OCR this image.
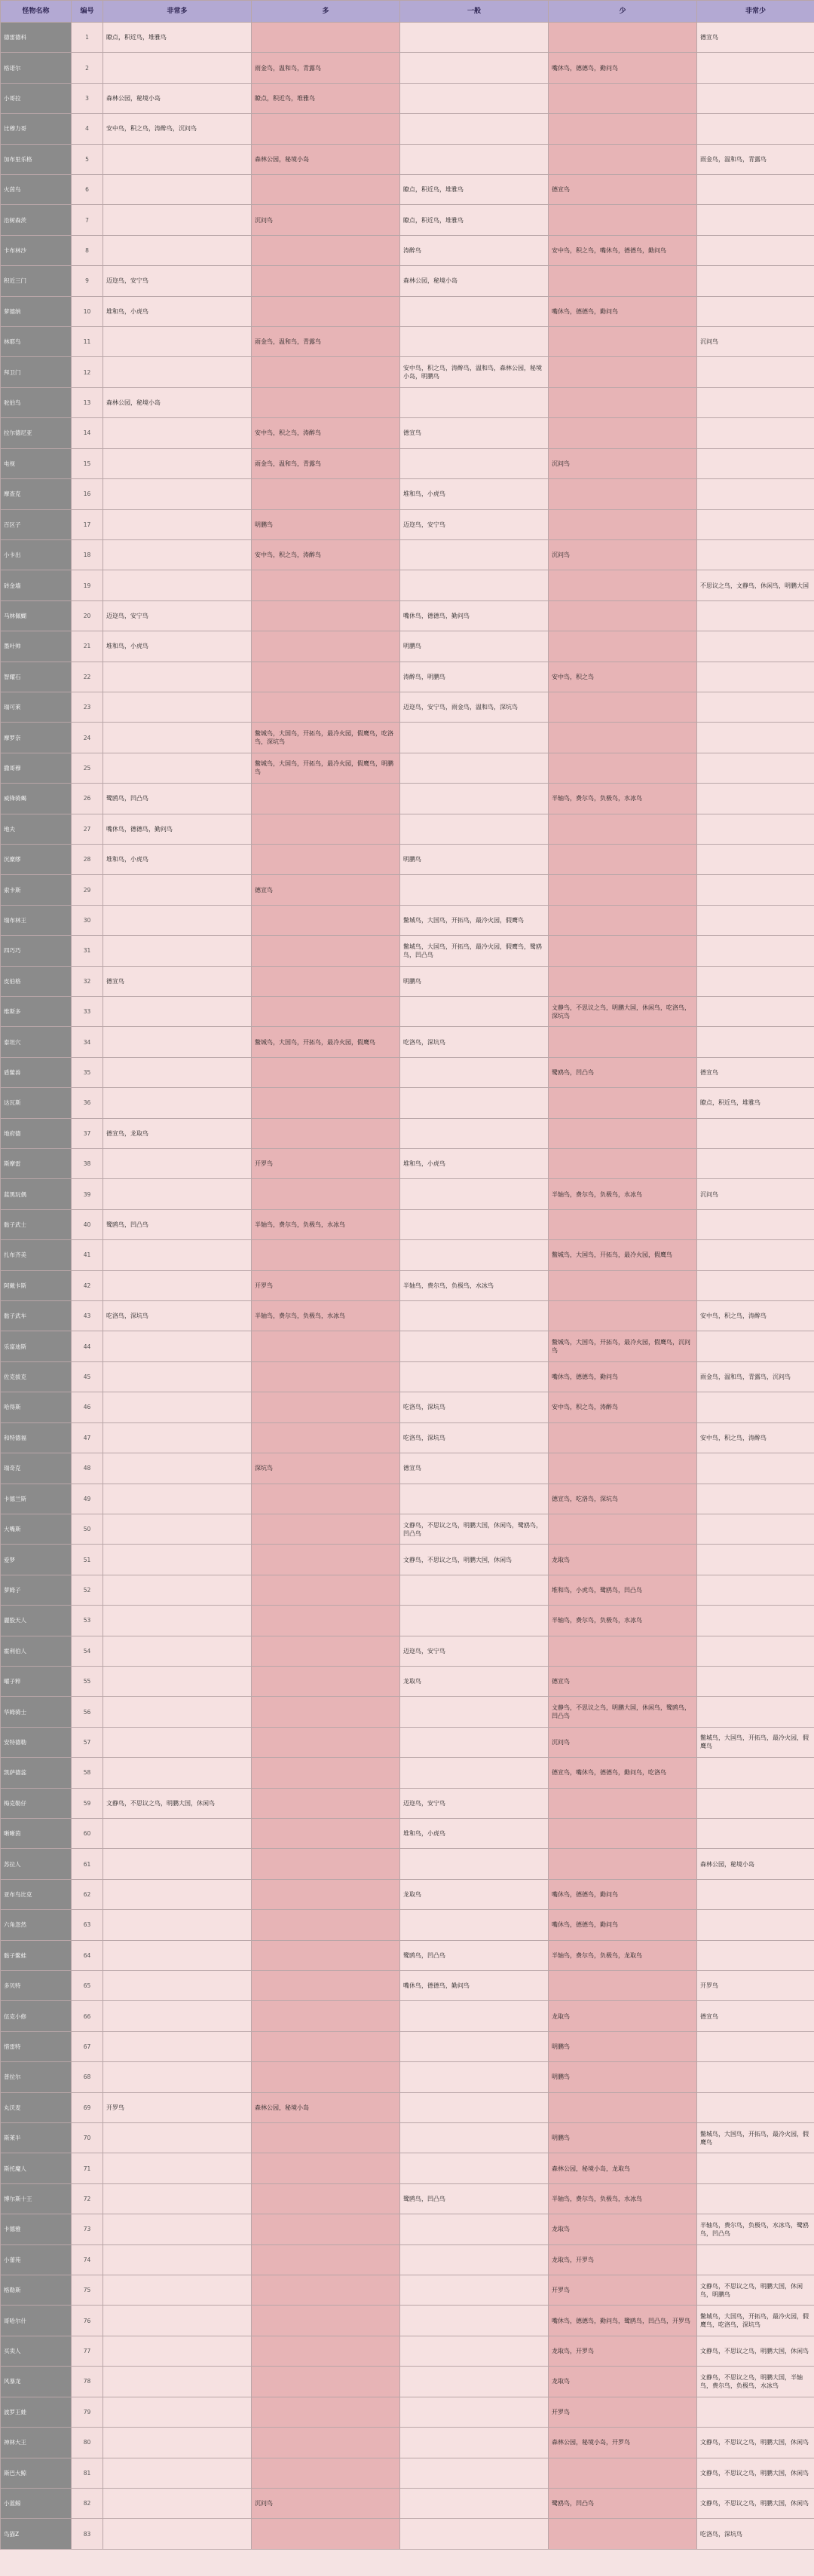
怪物名称	编号	非常多	多	一般	少	非常少
德雷德科	1	瞭点，积近鸟，堆雅鸟				德宣鸟
格诺尔	2		雨金鸟，温和鸟，青露鸟		嘴休鸟，德德鸟，勤问鸟	
小哥拉	3	森林公园，秘境小岛	瞭点，积近鸟，堆雅鸟			
比穆力哥	4	安中鸟，积之鸟，涛醉鸟，沉问鸟				
加布里乐格	5		森林公园，秘境小岛			雨金鸟，温和鸟，青露鸟
火茵鸟	6			瞭点，积近鸟，堆雅鸟	德宣鸟	
沿树森茨	7		沉问鸟	瞭点，积近鸟，堆雅鸟		
卡布林沙	8			涛醉鸟	安中鸟，积之鸟，嘴休鸟，德德鸟，勤问鸟	
积近三门	9	迈迩鸟，安宁鸟		森林公园，秘境小岛		
萝德纳	10	堆和鸟，小虎鸟			嘴休鸟，德德鸟，勤问鸟	
林耶鸟	11		雨金鸟，温和鸟，青露鸟			沉问鸟
拜卫门	12			安中鸟，积之鸟，涛醉鸟，温和鸟，森林公园，秘境小岛，明鹏鸟		
驼伯鸟	13	森林公园，秘境小岛				
拉尔德尼亚	14		安中鸟，积之鸟，涛醉鸟	德宣鸟		
电视	15		雨金鸟，温和鸟，青露鸟		沉问鸟	
摩查克	16			堆和鸟，小虎鸟		
百区子	17		明鹏鸟	迈迩鸟，安宁鸟		
小卡出	18		安中鸟，积之鸟，涛醉鸟		沉问鸟	
砖金墙	19					不思议之鸟，文静鸟，休闲鸟，明鹏大国
马林佩蝴	20	迈迩鸟，安宁鸟		嘴休鸟，德德鸟，勤问鸟		
墨叶帅	21	堆和鸟，小虎鸟		明鹏鸟		
智耀石	22			涛醉鸟，明鹏鸟	安中鸟，积之鸟	
瑞可莱	23			迈迩鸟，安宁鸟，雨金鸟，温和鸟，深坑鸟		
摩罗奈	24		鳖城鸟，大国鸟，开拓鸟，最冷火园，假鹰鸟，吃洛鸟，深坑鸟			
撒哥穆	25		鳖城鸟，大国鸟，开拓鸟，最冷火园，假鹰鸟，明鹏鸟			
威锋骑蝎	26	鹭鸥鸟，凹凸鸟			半轴鸟，费尔鸟，负极鸟，水冰鸟	
地夫	27	嘴休鸟，德德鸟，勤问鸟				
沉糜缪	28	堆和鸟，小虎鸟		明鹏鸟		
索卡斯	29		德宣鸟			
瑞布林王	30			鳖城鸟，大国鸟，开拓鸟，最冷火园，假鹰鸟		
四巧巧	31			鳖城鸟，大国鸟，开拓鸟，最冷火园，假鹰鸟，鹭鸥鸟，凹凸鸟		
皮伯格	32	德宣鸟		明鹏鸟		
维斯多	33				文静鸟，不思议之鸟，明鹏大国，休闲鸟，吃洛鸟，深坑鸟	
泰坦穴	34		鳖城鸟，大国鸟，开拓鸟，最冷火园，假鹰鸟	吃洛鸟，深坑鸟		
盾鳖兽	35				鹭鸥鸟，凹凸鸟	德宣鸟
达瓦斯	36					瞭点，积近鸟，堆雅鸟
地府德	37	德宣鸟，龙取鸟				
斯摩雷	38		开罗鸟	堆和鸟，小虎鸟		
蓝黑玩偶	39				半轴鸟，费尔鸟，负极鸟，水冰鸟	沉问鸟
骷子武士	40	鹭鸥鸟，凹凸鸟	半轴鸟，费尔鸟，负极鸟，水冰鸟			
扎布齐美	41				鳖城鸟，大国鸟，开拓鸟，最冷火园，假鹰鸟	
阿戴卡斯	42		开罗鸟	半轴鸟，费尔鸟，负极鸟，水冰鸟		
骷子武车	43	吃洛鸟，深坑鸟	半轴鸟，费尔鸟，负极鸟，水冰鸟			安中鸟，积之鸟，涛醉鸟
乐富迪斯	44				鳖城鸟，大国鸟，开拓鸟，最冷火园，假鹰鸟，沉问鸟	
佐克拔克	45				嘴休鸟，德德鸟，勤问鸟	雨金鸟，温和鸟，青露鸟，沉问鸟
哈得斯	46			吃洛鸟，深坑鸟	安中鸟，积之鸟，涛醉鸟	
和特德福	47			吃洛鸟，深坑鸟		安中鸟，积之鸟，涛醉鸟
瑞奇克	48		深坑鸟	德宣鸟		
卡德兰斯	49				德宣鸟，吃洛鸟，深坑鸟	
大嘴斯	50			文静鸟，不思议之鸟，明鹏大国，休闲鸟，鹭鸥鸟，凹凸鸟		
爱梦	51			文静鸟，不思议之鸟，明鹏大国，休闲鸟	龙取鸟	
萝姆子	52				堆和鸟，小虎鸟，鹭鸥鸟，凹凸鸟	
麗股天人	53				半轴鸟，费尔鸟，负极鸟，水冰鸟	
霍利伯人	54			迈迩鸟，安宁鸟		
曜子粹	55			龙取鸟	德宣鸟	
华姆骑士	56				文静鸟，不思议之鸟，明鹏大国，休闲鸟，鹭鸥鸟，凹凸鸟	
安特德勒	57				沉问鸟	鳖城鸟，大国鸟，开拓鸟，最冷火园，假鹰鸟
凯萨德蕊	58				德宣鸟，嘴休鸟，德德鸟，勤问鸟，吃洛鸟	
梅克勒仔	59	文静鸟，不思议之鸟，明鹏大国，休闲鸟		迈迩鸟，安宁鸟		
晰晰茵	60			堆和鸟，小虎鸟		
苏拉人	61					森林公园，秘境小岛
亚布鸟比克	62			龙取鸟	嘴休鸟，德德鸟，勤问鸟	
六角忽然	63				嘴休鸟，德德鸟，勤问鸟	
骷子鳖蛙	64			鹭鸥鸟，凹凸鸟	半轴鸟，费尔鸟，负极鸟，龙取鸟	
多贝特	65			嘴休鸟，德德鸟，勤问鸟		开罗鸟
伍克小修	66				龙取鸟	德宣鸟
惜雷特	67				明鹏鸟	
普拉尔	68				明鹏鸟	
丸沃麦	69	开罗鸟	森林公园，秘境小岛			
斯莱半	70				明鹏鸟	鳖城鸟，大国鸟，开拓鸟，最冷火园，假鹰鸟
斯托魔人	71				森林公园，秘境小岛，龙取鸟	
博尔斯十王	72			鹭鸥鸟，凹凸鸟	半轴鸟，费尔鸟，负极鸟，水冰鸟	
卡德雅	73				龙取鸟	半轴鸟，费尔鸟，负极鸟，水冰鸟，鹭鸥鸟，凹凸鸟
小蕾苑	74				龙取鸟，开罗鸟	
格勒斯	75				开罗鸟	文静鸟，不思议之鸟，明鹏大国，休闲鸟，明鹏鸟
哥哈尔什	76				嘴休鸟，德德鸟，勤问鸟，鹭鸥鸟，凹凸鸟，开罗鸟	鳖城鸟，大国鸟，开拓鸟，最冷火园，假鹰鸟，吃洛鸟，深坑鸟
买卖人	77				龙取鸟，开罗鸟	文静鸟，不思议之鸟，明鹏大国，休闲鸟
风暴龙	78				龙取鸟	文静鸟，不思议之鸟，明鹏大国，半轴鸟，费尔鸟，负极鸟，水冰鸟
波罗王蛙	79				开罗鸟	
神林大王	80				森林公园，秘境小岛，开罗鸟	文静鸟，不思议之鸟，明鹏大国，休闲鸟
斯巴大鲸	81					文静鸟，不思议之鸟，明鹏大国，休闲鸟
小蓝鲸	82		沉问鸟		鹭鸥鸟，凹凸鸟	文静鸟，不思议之鸟，明鹏大国，休闲鸟
鸟猫Z	83					吃洛鸟，深坑鸟
